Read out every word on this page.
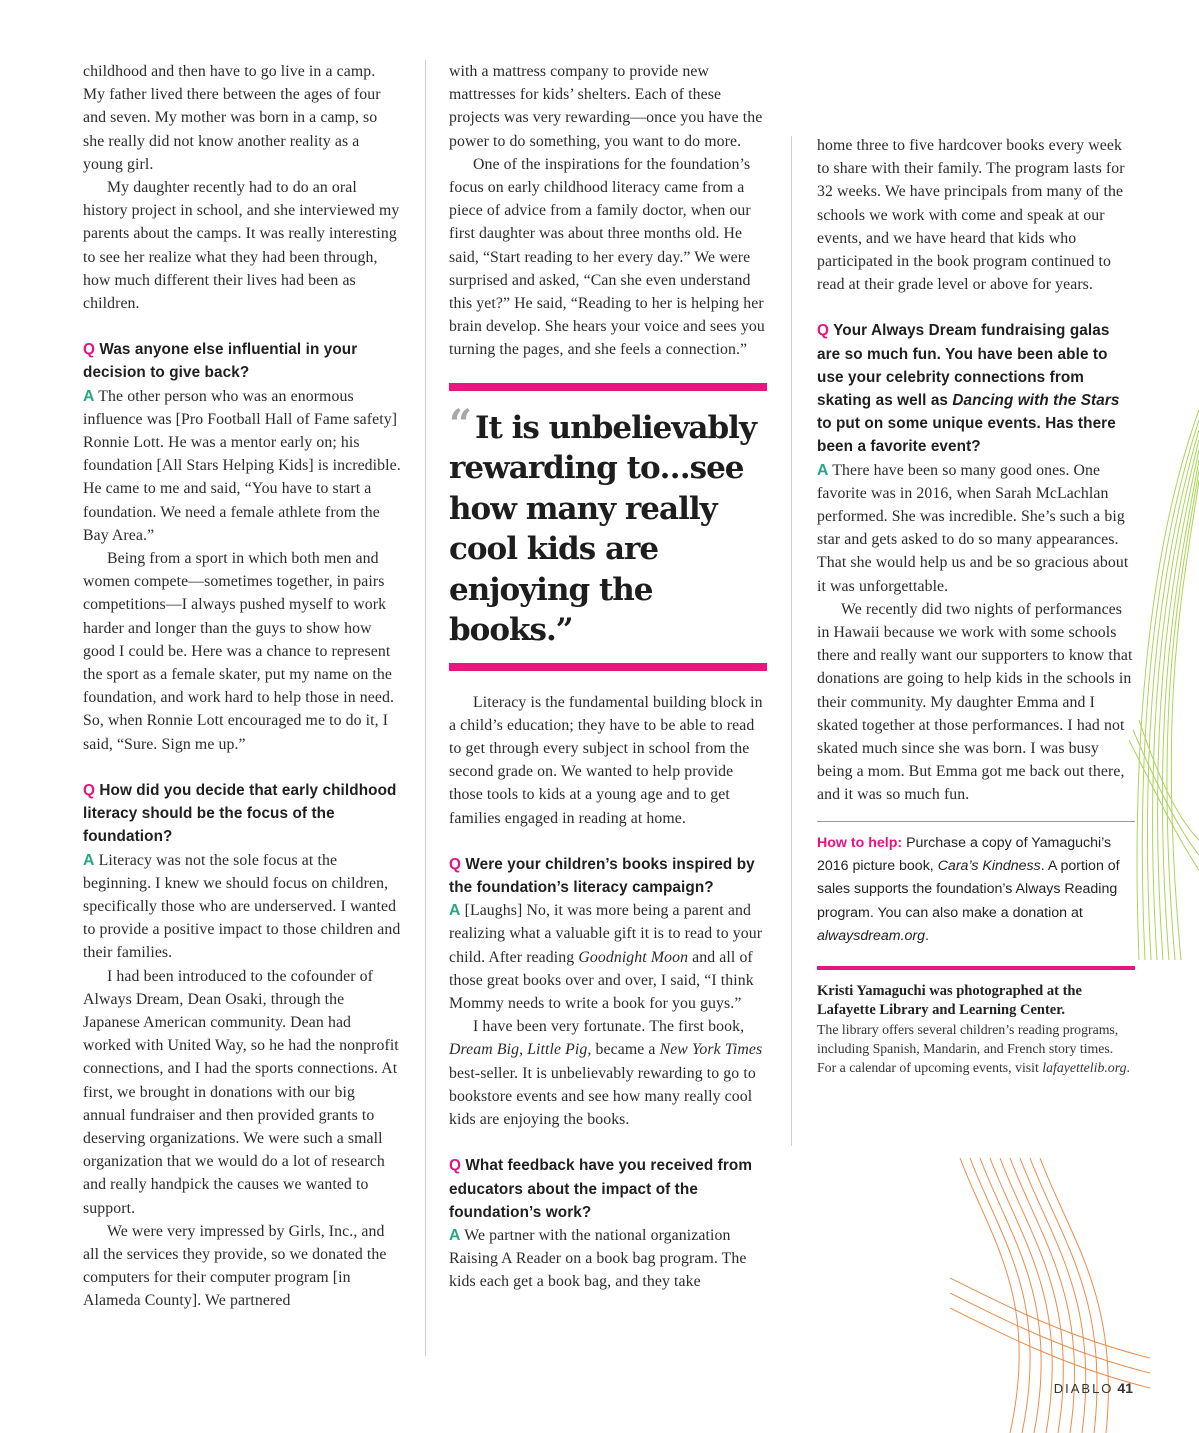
childhood and then have to go live in a camp. My father lived there between the ages of four and seven. My mother was born in a camp, so she really did not know another reality as a young girl.

My daughter recently had to do an oral history project in school, and she interviewed my parents about the camps. It was really interesting to see her realize what they had been through, how much different their lives had been as children.

Q Was anyone else influential in your decision to give back?

A The other person who was an enormous influence was [Pro Football Hall of Fame safety] Ronnie Lott. He was a mentor early on; his foundation [All Stars Helping Kids] is incredible. He came to me and said, “You have to start a foundation. We need a female athlete from the Bay Area.”

Being from a sport in which both men and women compete—sometimes together, in pairs competitions—I always pushed myself to work harder and longer than the guys to show how good I could be. Here was a chance to represent the sport as a female skater, put my name on the foundation, and work hard to help those in need. So, when Ronnie Lott encouraged me to do it, I said, “Sure. Sign me up.”

Q How did you decide that early childhood literacy should be the focus of the foundation?

A Literacy was not the sole focus at the beginning. I knew we should focus on children, specifically those who are underserved. I wanted to provide a positive impact to those children and their families.

I had been introduced to the cofounder of Always Dream, Dean Osaki, through the Japanese American community. Dean had worked with United Way, so he had the nonprofit connections, and I had the sports connections. At first, we brought in donations with our big annual fundraiser and then provided grants to deserving organizations. We were such a small organization that we would do a lot of research and really handpick the causes we wanted to support.

We were very impressed by Girls, Inc., and all the services they provide, so we donated the computers for their computer program [in Alameda County]. We partnered

with a mattress company to provide new mattresses for kids’ shelters. Each of these projects was very rewarding—once you have the power to do something, you want to do more.

One of the inspirations for the foundation’s focus on early childhood literacy came from a piece of advice from a family doctor, when our first daughter was about three months old. He said, “Start reading to her every day.” We were surprised and asked, “Can she even understand this yet?” He said, “Reading to her is helping her brain develop. She hears your voice and sees you turning the pages, and she feels a connection.”

“ It is unbelievably rewarding to…see how many really cool kids are enjoying the books.”

Literacy is the fundamental building block in a child’s education; they have to be able to read to get through every subject in school from the second grade on. We wanted to help provide those tools to kids at a young age and to get families engaged in reading at home.

Q Were your children’s books inspired by the foundation’s literacy campaign?

A [Laughs] No, it was more being a parent and realizing what a valuable gift it is to read to your child. After reading Goodnight Moon and all of those great books over and over, I said, “I think Mommy needs to write a book for you guys.”

I have been very fortunate. The first book, Dream Big, Little Pig, became a New York Times best-seller. It is unbelievably rewarding to go to bookstore events and see how many really cool kids are enjoying the books.

Q What feedback have you received from educators about the impact of the foundation’s work?

A We partner with the national organization Raising A Reader on a book bag program. The kids each get a book bag, and they take

home three to five hardcover books every week to share with their family. The program lasts for 32 weeks. We have principals from many of the schools we work with come and speak at our events, and we have heard that kids who participated in the book program continued to read at their grade level or above for years.

Q Your Always Dream fundraising galas are so much fun. You have been able to use your celebrity connections from skating as well as Dancing with the Stars to put on some unique events. Has there been a favorite event?

A There have been so many good ones. One favorite was in 2016, when Sarah McLachlan performed. She was incredible. She’s such a big star and gets asked to do so many appearances. That she would help us and be so gracious about it was unforgettable.

We recently did two nights of performances in Hawaii because we work with some schools there and really want our supporters to know that donations are going to help kids in the schools in their community. My daughter Emma and I skated together at those performances. I had not skated much since she was born. I was busy being a mom. But Emma got me back out there, and it was so much fun.

How to help: Purchase a copy of Yamaguchi’s 2016 picture book, Cara’s Kindness. A portion of sales supports the foundation’s Always Reading program. You can also make a donation at alwaysdream.org.
Kristi Yamaguchi was photographed at the Lafayette Library and Learning Center.
The library offers several children’s reading programs, including Spanish, Mandarin, and French story times. For a calendar of upcoming events, visit lafayettelib.org.
DIABLO 41
